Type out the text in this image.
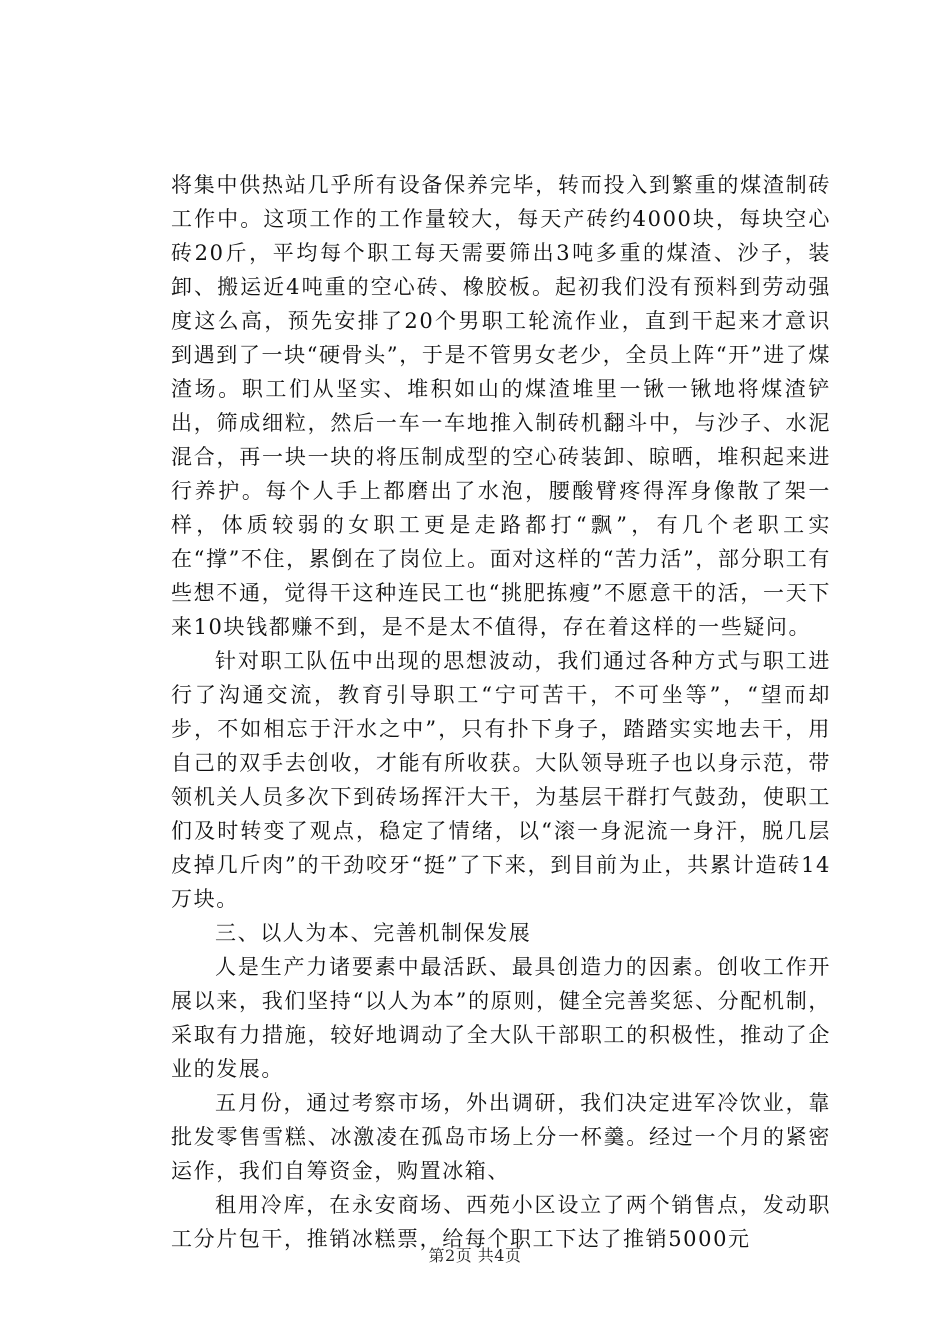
将集中供热站几乎所有设备保养完毕，转而投入到繁重的煤渣制砖工作中。这项工作的工作量较大，每天产砖约4000块，每块空心砖20斤，平均每个职工每天需要筛出3吨多重的煤渣、沙子，装卸、搬运近4吨重的空心砖、橡胶板。起初我们没有预料到劳动强度这么高，预先安排了20个男职工轮流作业，直到干起来才意识到遇到了一块“硬骨头”，于是不管男女老少，全员上阵“开”进了煤渣场。职工们从坚实、堆积如山的煤渣堆里一锹一锹地将煤渣铲出，筛成细粒，然后一车一车地推入制砖机翻斗中，与沙子、水泥混合，再一块一块的将压制成型的空心砖装卸、晾晒，堆积起来进行养护。每个人手上都磨出了水泡，腰酸臂疼得浑身像散了架一样，体质较弱的女职工更是走路都打“飘”，有几个老职工实在“撑”不住，累倒在了岗位上。面对这样的“苦力活”，部分职工有些想不通，觉得干这种连民工也“挑肥拣瘦”不愿意干的活，一天下来10块钱都赚不到，是不是太不值得，存在着这样的一些疑问。

针对职工队伍中出现的思想波动，我们通过各种方式与职工进行了沟通交流，教育引导职工“宁可苦干，不可坐等”，“望而却步，不如相忘于汗水之中”，只有扑下身子，踏踏实实地去干，用自己的双手去创收，才能有所收获。大队领导班子也以身示范，带领机关人员多次下到砖场挥汗大干，为基层干群打气鼓劲，使职工们及时转变了观点，稳定了情绪，以“滚一身泥流一身汗，脱几层皮掉几斤肉”的干劲咬牙“挺”了下来，到目前为止，共累计造砖14万块。

三、以人为本、完善机制保发展

人是生产力诸要素中最活跃、最具创造力的因素。创收工作开展以来，我们坚持“以人为本”的原则，健全完善奖惩、分配机制，采取有力措施，较好地调动了全大队干部职工的积极性，推动了企业的发展。

五月份，通过考察市场，外出调研，我们决定进军冷饮业，靠批发零售雪糕、冰激凌在孤岛市场上分一杯羹。经过一个月的紧密运作，我们自筹资金，购置冰箱、

租用冷库，在永安商场、西苑小区设立了两个销售点，发动职工分片包干，推销冰糕票，给每个职工下达了推销5000元

第2页 共4页
